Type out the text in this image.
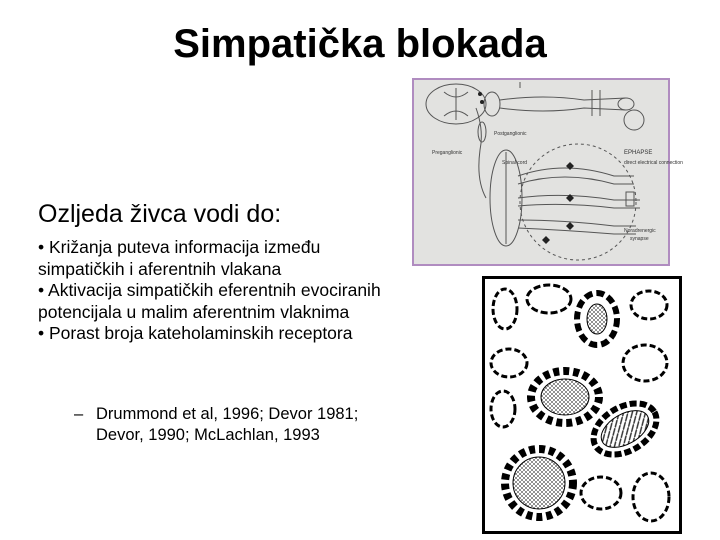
Simpatička blokada
Ozljeda živca vodi do:
• Križanja puteva informacija između simpatičkih i aferentnih vlakana
• Aktivacija simpatičkih eferentnih evociranih potencijala u malim aferentnim vlaknima
• Porast broja kateholaminskih receptora
– Drummond et al, 1996; Devor 1981; Devor, 1990; McLachlan, 1993
Postganglionic
Preganglionic
Spinal cord
EPHAPSE
direct electrical connection
Noradrenergic
synapse
